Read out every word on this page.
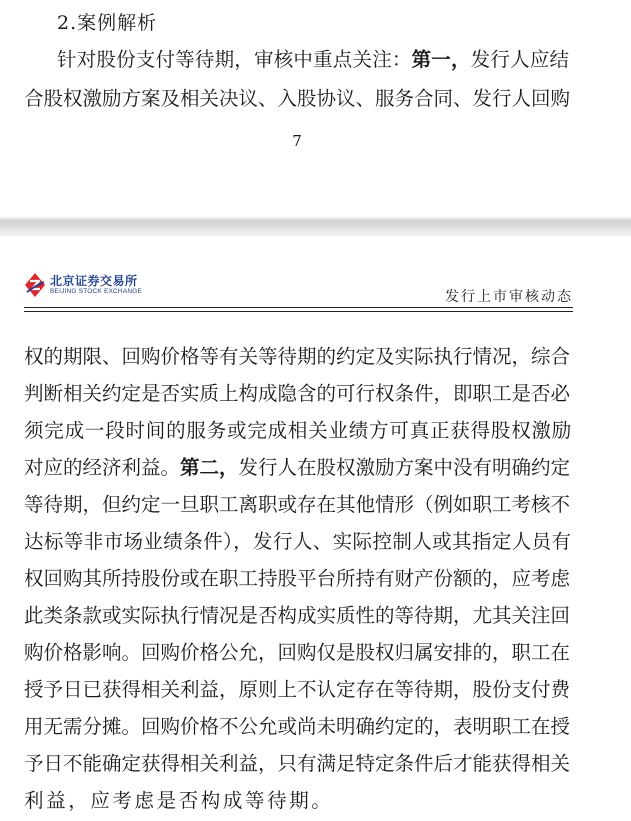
2.案例解析
针对股份支付等待期，审核中重点关注：第一，发行人应结
合股权激励方案及相关决议、入股协议、服务合同、发行人回购
7
北京证券交易所
BEIJING STOCK EXCHANGE	发行上市审核动态
权的期限、回购价格等有关等待期的约定及实际执行情况，综合
判断相关约定是否实质上构成隐含的可行权条件，即职工是否必
须完成一段时间的服务或完成相关业绩方可真正获得股权激励
对应的经济利益。第二，发行人在股权激励方案中没有明确约定
等待期，但约定一旦职工离职或存在其他情形（例如职工考核不
达标等非市场业绩条件），发行人、实际控制人或其指定人员有
权回购其所持股份或在职工持股平台所持有财产份额的，应考虑
此类条款或实际执行情况是否构成实质性的等待期，尤其关注回
购价格影响。回购价格公允，回购仅是股权归属安排的，职工在
授予日已获得相关利益，原则上不认定存在等待期，股份支付费
用无需分摊。回购价格不公允或尚未明确约定的，表明职工在授
予日不能确定获得相关利益，只有满足特定条件后才能获得相关
利益，应考虑是否构成等待期。
